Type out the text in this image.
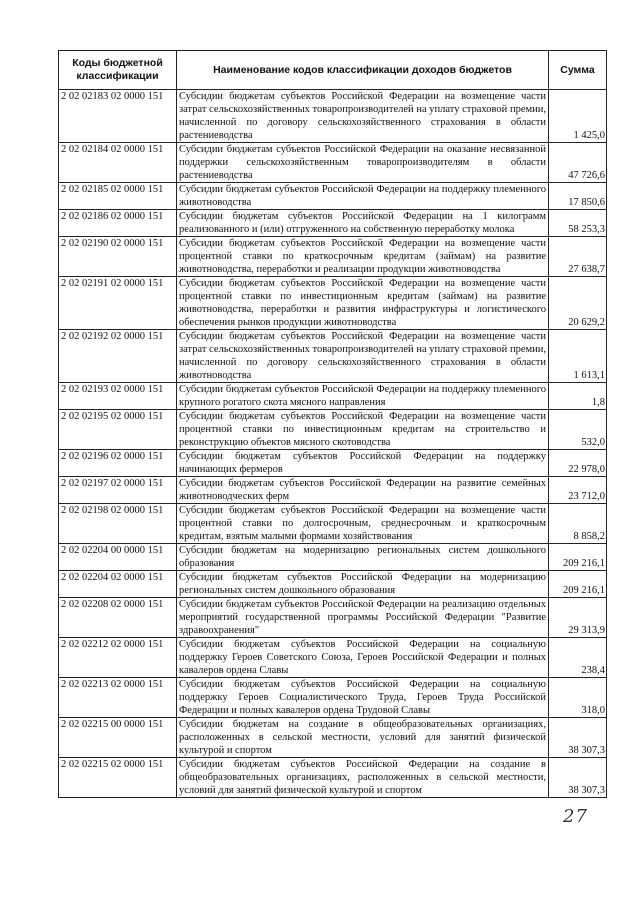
Коды бюджетной классификации	Наименование кодов классификации доходов бюджетов	Сумма
2 02 02183 02 0000 151	Субсидии бюджетам субъектов Российской Федерации на возмещение части затрат сельскохозяйственных товаропроизводителей на уплату страховой премии, начисленной по договору сельскохозяйственного страхования в области растениеводства	1 425,0
2 02 02184 02 0000 151	Субсидии бюджетам субъектов Российской Федерации на оказание несвязанной поддержки сельскохозяйственным товаропроизводителям в области растениеводства	47 726,6
2 02 02185 02 0000 151	Субсидии бюджетам субъектов Российской Федерации на поддержку племенного животноводства	17 850,6
2 02 02186 02 0000 151	Субсидии бюджетам субъектов Российской Федерации на 1 килограмм реализованного и (или) отгруженного на собственную переработку молока	58 253,3
2 02 02190 02 0000 151	Субсидии бюджетам субъектов Российской Федерации на возмещение части процентной ставки по краткосрочным кредитам (займам) на развитие животноводства, переработки и реализации продукции животноводства	27 638,7
2 02 02191 02 0000 151	Субсидии бюджетам субъектов Российской Федерации на возмещение части процентной ставки по инвестиционным кредитам (займам) на развитие животноводства, переработки и развития инфраструктуры и логистического обеспечения рынков продукции животноводства	20 629,2
2 02 02192 02 0000 151	Субсидии бюджетам субъектов Российской Федерации на возмещение части затрат сельскохозяйственных товаропроизводителей на уплату страховой премии, начисленной по договору сельскохозяйственного страхования в области животноводства	1 613,1
2 02 02193 02 0000 151	Субсидии бюджетам субъектов Российской Федерации на поддержку племенного крупного рогатого скота мясного направления	1,8
2 02 02195 02 0000 151	Субсидии бюджетам субъектов Российской Федерации на возмещение части процентной ставки по инвестиционным кредитам на строительство и реконструкцию объектов мясного скотоводства	532,0
2 02 02196 02 0000 151	Субсидии бюджетам субъектов Российской Федерации на поддержку начинающих фермеров	22 978,0
2 02 02197 02 0000 151	Субсидии бюджетам субъектов Российской Федерации на развитие семейных животноводческих ферм	23 712,0
2 02 02198 02 0000 151	Субсидии бюджетам субъектов Российской Федерации на возмещение части процентной ставки по долгосрочным, среднесрочным и краткосрочным кредитам, взятым малыми формами хозяйствования	8 858,2
2 02 02204 00 0000 151	Субсидии бюджетам на модернизацию региональных систем дошкольного образования	209 216,1
2 02 02204 02 0000 151	Субсидии бюджетам субъектов Российской Федерации на модернизацию региональных систем дошкольного образования	209 216,1
2 02 02208 02 0000 151	Субсидии бюджетам субъектов Российской Федерации на реализацию отдельных мероприятий государственной программы Российской Федерации "Развитие здравоохранения"	29 313,9
2 02 02212 02 0000 151	Субсидии бюджетам субъектов Российской Федерации на социальную поддержку Героев Советского Союза, Героев Российской Федерации и полных кавалеров ордена Славы	238,4
2 02 02213 02 0000 151	Субсидии бюджетам субъектов Российской Федерации на социальную поддержку Героев Социалистического Труда, Героев Труда Российской Федерации и полных кавалеров ордена Трудовой Славы	318,0
2 02 02215 00 0000 151	Субсидии бюджетам на создание в общеобразовательных организациях, расположенных в сельской местности, условий для занятий физической культурой и спортом	38 307,3
2 02 02215 02 0000 151	Субсидии бюджетам субъектов Российской Федерации на создание в общеобразовательных организациях, расположенных в сельской местности, условий для занятий физической культурой и спортом	38 307,3
27
